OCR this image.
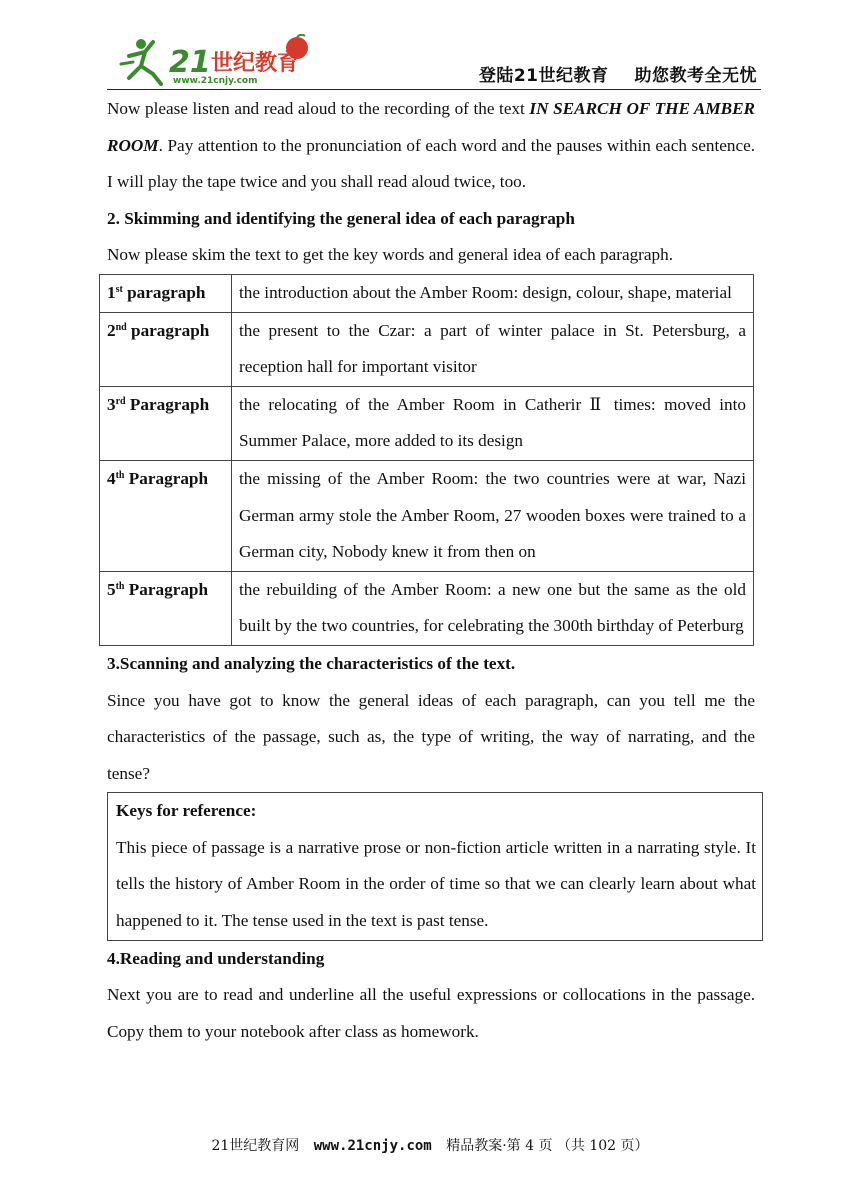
21 世纪教育
www.21cnjy.com	登陆21世纪教育 助您教考全无忧

Now please listen and read aloud to the recording of the text IN SEARCH OF THE AMBER ROOM. Pay attention to the pronunciation of each word and the pauses within each sentence. I will play the tape twice and you shall read aloud twice, too.

2. Skimming and identifying the general idea of each paragraph

Now please skim the text to get the key words and general idea of each paragraph.

1st paragraph	the introduction about the Amber Room: design, colour, shape, material
2nd paragraph	the present to the Czar: a part of winter palace in St. Petersburg, a reception hall for important visitor
3rd Paragraph	the relocating of the Amber Room in Catherir Ⅱ times: moved into Summer Palace, more added to its design
4th Paragraph	the missing of the Amber Room: the two countries were at war, Nazi German army stole the Amber Room, 27 wooden boxes were trained to a German city, Nobody knew it from then on
5th Paragraph	the rebuilding of the Amber Room: a new one but the same as the old built by the two countries, for celebrating the 300th birthday of Peterburg

3.Scanning and analyzing the characteristics of the text.

Since you have got to know the general ideas of each paragraph, can you tell me the characteristics of the passage, such as, the type of writing, the way of narrating, and the tense?

Keys for reference:
This piece of passage is a narrative prose or non-fiction article written in a narrating style. It tells the history of Amber Room in the order of time so that we can clearly learn about what happened to it. The tense used in the text is past tense.

4.Reading and understanding

Next you are to read and underline all the useful expressions or collocations in the passage. Copy them to your notebook after class as homework.

21世纪教育网 www.21cnjy.com 精品教案·第 4 页 （共 102 页）
